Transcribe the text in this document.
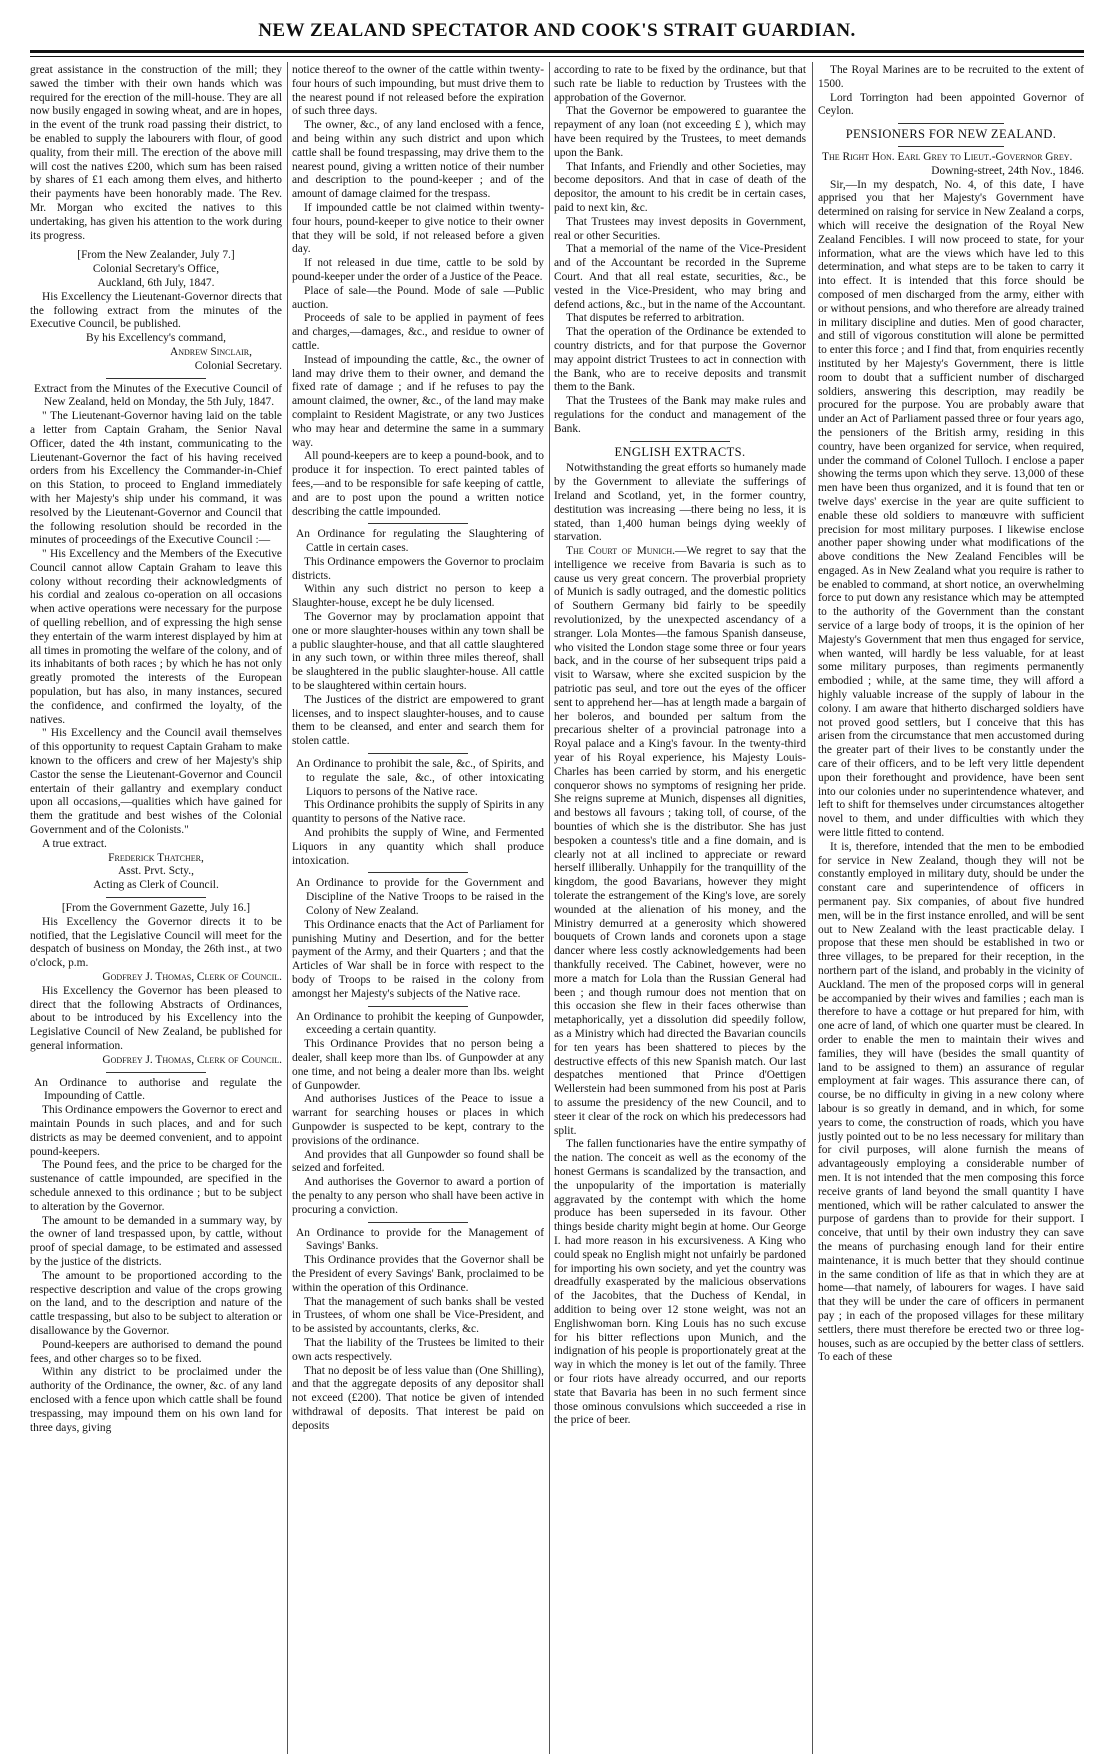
NEW ZEALAND SPECTATOR AND COOK'S STRAIT GUARDIAN.

great assistance in the construction of the mill; they sawed the timber with their own hands which was required for the erection of the mill-house. They are all now busily engaged in sowing wheat, and are in hopes, in the event of the trunk road passing their district, to be enabled to supply the labourers with flour, of good quality, from their mill. The erection of the above mill will cost the natives £200, which sum has been raised by shares of £1 each among them elves, and hitherto their payments have been honorably made. The Rev. Mr. Morgan who excited the natives to this undertaking, has given his attention to the work during its progress.

[From the New Zealander, July 7.]

Colonial Secretary's Office,

Auckland, 6th July, 1847.

His Excellency the Lieutenant-Governor directs that the following extract from the minutes of the Executive Council, be published.

By his Excellency's command,

Andrew Sinclair,

Colonial Secretary.

Extract from the Minutes of the Executive Council of New Zealand, held on Monday, the 5th July, 1847.

" The Lieutenant-Governor having laid on the table a letter from Captain Graham, the Senior Naval Officer, dated the 4th instant, communicating to the Lieutenant-Governor the fact of his having received orders from his Excellency the Commander-in-Chief on this Station, to proceed to England immediately with her Majesty's ship under his command, it was resolved by the Lieutenant-Governor and Council that the following resolution should be recorded in the minutes of proceedings of the Executive Council :—

" His Excellency and the Members of the Executive Council cannot allow Captain Graham to leave this colony without recording their acknowledgments of his cordial and zealous co-operation on all occasions when active operations were necessary for the purpose of quelling rebellion, and of expressing the high sense they entertain of the warm interest displayed by him at all times in promoting the welfare of the colony, and of its inhabitants of both races ; by which he has not only greatly promoted the interests of the European population, but has also, in many instances, secured the confidence, and confirmed the loyalty, of the natives.

" His Excellency and the Council avail themselves of this opportunity to request Captain Graham to make known to the officers and crew of her Majesty's ship Castor the sense the Lieutenant-Governor and Council entertain of their gallantry and exemplary conduct upon all occasions,—qualities which have gained for them the gratitude and best wishes of the Colonial Government and of the Colonists."

A true extract.

Frederick Thatcher,

Asst. Prvt. Scty.,

Acting as Clerk of Council.

[From the Government Gazette, July 16.]

His Excellency the Governor directs it to be notified, that the Legislative Council will meet for the despatch of business on Monday, the 26th inst., at two o'clock, p.m.

Godfrey J. Thomas, Clerk of Council.

His Excellency the Governor has been pleased to direct that the following Abstracts of Ordinances, about to be introduced by his Excellency into the Legislative Council of New Zealand, be published for general information.

Godfrey J. Thomas, Clerk of Council.

An Ordinance to authorise and regulate the Impounding of Cattle.

This Ordinance empowers the Governor to erect and maintain Pounds in such places, and and for such districts as may be deemed convenient, and to appoint pound-keepers.

The Pound fees, and the price to be charged for the sustenance of cattle impounded, are specified in the schedule annexed to this ordinance ; but to be subject to alteration by the Governor.

The amount to be demanded in a summary way, by the owner of land trespassed upon, by cattle, without proof of special damage, to be estimated and assessed by the justice of the districts.

The amount to be proportioned according to the respective description and value of the crops growing on the land, and to the description and nature of the cattle trespassing, but also to be subject to alteration or disallowance by the Governor.

Pound-keepers are authorised to demand the pound fees, and other charges so to be fixed.

Within any district to be proclaimed under the authority of the Ordinance, the owner, &c. of any land enclosed with a fence upon which cattle shall be found trespassing, may impound them on his own land for three days, giving

notice thereof to the owner of the cattle within twenty-four hours of such impounding, but must drive them to the nearest pound if not released before the expiration of such three days.

The owner, &c., of any land enclosed with a fence, and being within any such district and upon which cattle shall be found trespassing, may drive them to the nearest pound, giving a written notice of their number and description to the pound-keeper ; and of the amount of damage claimed for the trespass.

If impounded cattle be not claimed within twenty-four hours, pound-keeper to give notice to their owner that they will be sold, if not released before a given day.

If not released in due time, cattle to be sold by pound-keeper under the order of a Justice of the Peace.

Place of sale—the Pound. Mode of sale —Public auction.

Proceeds of sale to be applied in payment of fees and charges,—damages, &c., and residue to owner of cattle.

Instead of impounding the cattle, &c., the owner of land may drive them to their owner, and demand the fixed rate of damage ; and if he refuses to pay the amount claimed, the owner, &c., of the land may make complaint to Resident Magistrate, or any two Justices who may hear and determine the same in a summary way.

All pound-keepers are to keep a pound-book, and to produce it for inspection. To erect painted tables of fees,—and to be responsible for safe keeping of cattle, and are to post upon the pound a written notice describing the cattle impounded.

An Ordinance for regulating the Slaughtering of Cattle in certain cases.

This Ordinance empowers the Governor to proclaim districts.

Within any such district no person to keep a Slaughter-house, except he be duly licensed.

The Governor may by proclamation appoint that one or more slaughter-houses within any town shall be a public slaughter-house, and that all cattle slaughtered in any such town, or within three miles thereof, shall be slaughtered in the public slaughter-house. All cattle to be slaughtered within certain hours.

The Justices of the district are empowered to grant licenses, and to inspect slaughter-houses, and to cause them to be cleansed, and enter and search them for stolen cattle.

An Ordinance to prohibit the sale, &c., of Spirits, and to regulate the sale, &c., of other intoxicating Liquors to persons of the Native race.

This Ordinance prohibits the supply of Spirits in any quantity to persons of the Native race.

And prohibits the supply of Wine, and Fermented Liquors in any quantity which shall produce intoxication.

An Ordinance to provide for the Government and Discipline of the Native Troops to be raised in the Colony of New Zealand.

This Ordinance enacts that the Act of Parliament for punishing Mutiny and Desertion, and for the better payment of the Army, and their Quarters ; and that the Articles of War shall be in force with respect to the body of Troops to be raised in the colony from amongst her Majesty's subjects of the Native race.

An Ordinance to prohibit the keeping of Gunpowder, exceeding a certain quantity.

This Ordinance Provides that no person being a dealer, shall keep more than lbs. of Gunpowder at any one time, and not being a dealer more than lbs. weight of Gunpowder.

And authorises Justices of the Peace to issue a warrant for searching houses or places in which Gunpowder is suspected to be kept, contrary to the provisions of the ordinance.

And provides that all Gunpowder so found shall be seized and forfeited.

And authorises the Governor to award a portion of the penalty to any person who shall have been active in procuring a conviction.

An Ordinance to provide for the Management of Savings' Banks.

This Ordinance provides that the Governor shall be the President of every Savings' Bank, proclaimed to be within the operation of this Ordinance.

That the management of such banks shall be vested in Trustees, of whom one shall be Vice-President, and to be assisted by accountants, clerks, &c.

That the liability of the Trustees be limited to their own acts respectively.

That no deposit be of less value than (One Shilling), and that the aggregate deposits of any depositor shall not exceed (£200). That notice be given of intended withdrawal of deposits. That interest be paid on deposits

according to rate to be fixed by the ordinance, but that such rate be liable to reduction by Trustees with the approbation of the Governor.

That the Governor be empowered to guarantee the repayment of any loan (not exceeding £ ), which may have been required by the Trustees, to meet demands upon the Bank.

That Infants, and Friendly and other Societies, may become depositors. And that in case of death of the depositor, the amount to his credit be in certain cases, paid to next kin, &c.

That Trustees may invest deposits in Government, real or other Securities.

That a memorial of the name of the Vice-President and of the Accountant be recorded in the Supreme Court. And that all real estate, securities, &c., be vested in the Vice-President, who may bring and defend actions, &c., but in the name of the Accountant.

That disputes be referred to arbitration.

That the operation of the Ordinance be extended to country districts, and for that purpose the Governor may appoint district Trustees to act in connection with the Bank, who are to receive deposits and transmit them to the Bank.

That the Trustees of the Bank may make rules and regulations for the conduct and management of the Bank.

ENGLISH EXTRACTS.

Notwithstanding the great efforts so humanely made by the Government to alleviate the sufferings of Ireland and Scotland, yet, in the former country, destitution was increasing —there being no less, it is stated, than 1,400 human beings dying weekly of starvation.

The Court of Munich.—We regret to say that the intelligence we receive from Bavaria is such as to cause us very great concern. The proverbial propriety of Munich is sadly outraged, and the domestic politics of Southern Germany bid fairly to be speedily revolutionized, by the unexpected ascendancy of a stranger. Lola Montes—the famous Spanish danseuse, who visited the London stage some three or four years back, and in the course of her subsequent trips paid a visit to Warsaw, where she excited suspicion by the patriotic pas seul, and tore out the eyes of the officer sent to apprehend her—has at length made a bargain of her boleros, and bounded per saltum from the precarious shelter of a provincial patronage into a Royal palace and a King's favour. In the twenty-third year of his Royal experience, his Majesty Louis-Charles has been carried by storm, and his energetic conqueror shows no symptoms of resigning her pride. She reigns supreme at Munich, dispenses all dignities, and bestows all favours ; taking toll, of course, of the bounties of which she is the distributor. She has just bespoken a countess's title and a fine domain, and is clearly not at all inclined to appreciate or reward herself illiberally. Unhappily for the tranquillity of the kingdom, the good Bavarians, however they might tolerate the estrangement of the King's love, are sorely wounded at the alienation of his money, and the Ministry demurred at a generosity which showered bouquets of Crown lands and coronets upon a stage dancer where less costly acknowledgements had been thankfully received. The Cabinet, however, were no more a match for Lola than the Russian General had been ; and though rumour does not mention that on this occasion she flew in their faces otherwise than metaphorically, yet a dissolution did speedily follow, as a Ministry which had directed the Bavarian councils for ten years has been shattered to pieces by the destructive effects of this new Spanish match. Our last despatches mentioned that Prince d'Oettigen Wellerstein had been summoned from his post at Paris to assume the presidency of the new Council, and to steer it clear of the rock on which his predecessors had split.

The fallen functionaries have the entire sympathy of the nation. The conceit as well as the economy of the honest Germans is scandalized by the transaction, and the unpopularity of the importation is materially aggravated by the contempt with which the home produce has been superseded in its favour. Other things beside charity might begin at home. Our George I. had more reason in his excursiveness. A King who could speak no English might not unfairly be pardoned for importing his own society, and yet the country was dreadfully exasperated by the malicious observations of the Jacobites, that the Duchess of Kendal, in addition to being over 12 stone weight, was not an Englishwoman born. King Louis has no such excuse for his bitter reflections upon Munich, and the indignation of his people is proportionately great at the way in which the money is let out of the family. Three or four riots have already occurred, and our reports state that Bavaria has been in no such ferment since those ominous convulsions which succeeded a rise in the price of beer.

The Royal Marines are to be recruited to the extent of 1500.

Lord Torrington had been appointed Governor of Ceylon.

PENSIONERS FOR NEW ZEALAND.

The Right Hon. Earl Grey to Lieut.-Governor Grey.

Downing-street, 24th Nov., 1846.

Sir,—In my despatch, No. 4, of this date, I have apprised you that her Majesty's Government have determined on raising for service in New Zealand a corps, which will receive the designation of the Royal New Zealand Fencibles. I will now proceed to state, for your information, what are the views which have led to this determination, and what steps are to be taken to carry it into effect. It is intended that this force should be composed of men discharged from the army, either with or without pensions, and who therefore are already trained in military discipline and duties. Men of good character, and still of vigorous constitution will alone be permitted to enter this force ; and I find that, from enquiries recently instituted by her Majesty's Government, there is little room to doubt that a sufficient number of discharged soldiers, answering this description, may readily be procured for the purpose. You are probably aware that under an Act of Parliament passed three or four years ago, the pensioners of the British army, residing in this country, have been organized for service, when required, under the command of Colonel Tulloch. I enclose a paper showing the terms upon which they serve. 13,000 of these men have been thus organized, and it is found that ten or twelve days' exercise in the year are quite sufficient to enable these old soldiers to manœuvre with sufficient precision for most military purposes. I likewise enclose another paper showing under what modifications of the above conditions the New Zealand Fencibles will be engaged. As in New Zealand what you require is rather to be enabled to command, at short notice, an overwhelming force to put down any resistance which may be attempted to the authority of the Government than the constant service of a large body of troops, it is the opinion of her Majesty's Government that men thus engaged for service, when wanted, will hardly be less valuable, for at least some military purposes, than regiments permanently embodied ; while, at the same time, they will afford a highly valuable increase of the supply of labour in the colony. I am aware that hitherto discharged soldiers have not proved good settlers, but I conceive that this has arisen from the circumstance that men accustomed during the greater part of their lives to be constantly under the care of their officers, and to be left very little dependent upon their forethought and providence, have been sent into our colonies under no superintendence whatever, and left to shift for themselves under circumstances altogether novel to them, and under difficulties with which they were little fitted to contend.

It is, therefore, intended that the men to be embodied for service in New Zealand, though they will not be constantly employed in military duty, should be under the constant care and superintendence of officers in permanent pay. Six companies, of about five hundred men, will be in the first instance enrolled, and will be sent out to New Zealand with the least practicable delay. I propose that these men should be established in two or three villages, to be prepared for their reception, in the northern part of the island, and probably in the vicinity of Auckland. The men of the proposed corps will in general be accompanied by their wives and families ; each man is therefore to have a cottage or hut prepared for him, with one acre of land, of which one quarter must be cleared. In order to enable the men to maintain their wives and families, they will have (besides the small quantity of land to be assigned to them) an assurance of regular employment at fair wages. This assurance there can, of course, be no difficulty in giving in a new colony where labour is so greatly in demand, and in which, for some years to come, the construction of roads, which you have justly pointed out to be no less necessary for military than for civil purposes, will alone furnish the means of advantageously employing a considerable number of men. It is not intended that the men composing this force receive grants of land beyond the small quantity I have mentioned, which will be rather calculated to answer the purpose of gardens than to provide for their support. I conceive, that until by their own industry they can save the means of purchasing enough land for their entire maintenance, it is much better that they should continue in the same condition of life as that in which they are at home—that namely, of labourers for wages. I have said that they will be under the care of officers in permanent pay ; in each of the proposed villages for these military settlers, there must therefore be erected two or three log-houses, such as are occupied by the better class of settlers. To each of these
